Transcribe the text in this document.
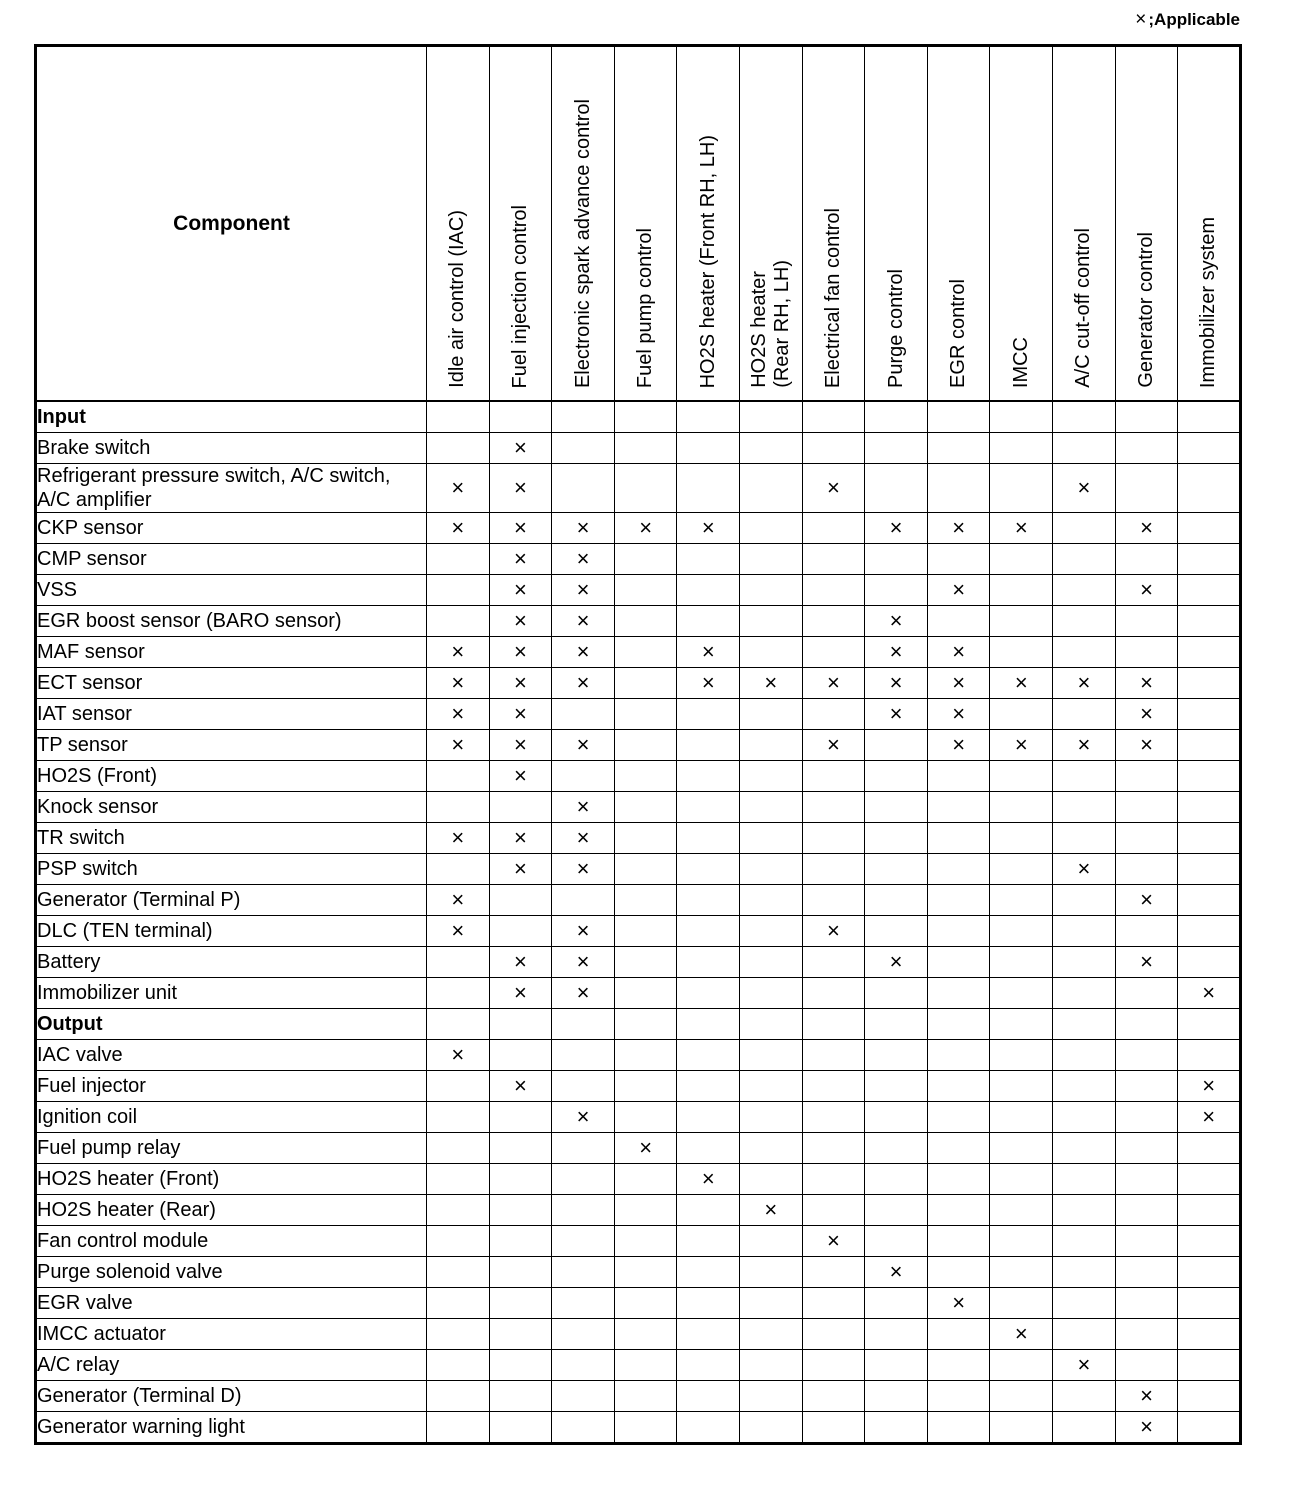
× ;Applicable
Component	Idle air control (IAC)	Fuel injection control	Electronic spark advance control	Fuel pump control	HO2S heater (Front RH, LH)	HO2S heater
(Rear RH, LH)	Electrical fan control	Purge control	EGR control	IMCC	A/C cut-off control	Generator control	Immobilizer system

Input													
Brake switch		×											
Refrigerant pressure switch, A/C switch, A/C amplifier	×	×					×				×		
CKP sensor	×	×	×	×	×			×	×	×		×	
CMP sensor		×	×										
VSS		×	×						×			×	
EGR boost sensor (BARO sensor)		×	×					×					
MAF sensor	×	×	×		×			×	×				
ECT sensor	×	×	×		×	×	×	×	×	×	×	×	
IAT sensor	×	×						×	×			×	
TP sensor	×	×	×				×		×	×	×	×	
HO2S (Front)		×											
Knock sensor			×										
TR switch	×	×	×										
PSP switch		×	×								×		
Generator (Terminal P)	×											×	
DLC (TEN terminal)	×		×				×						
Battery		×	×					×				×	
Immobilizer unit		×	×										×
Output													
IAC valve	×												
Fuel injector		×											×
Ignition coil			×										×
Fuel pump relay				×									
HO2S heater (Front)					×								
HO2S heater (Rear)						×							
Fan control module							×						
Purge solenoid valve								×					
EGR valve									×				
IMCC actuator										×			
A/C relay											×		
Generator (Terminal D)												×	
Generator warning light												×	
